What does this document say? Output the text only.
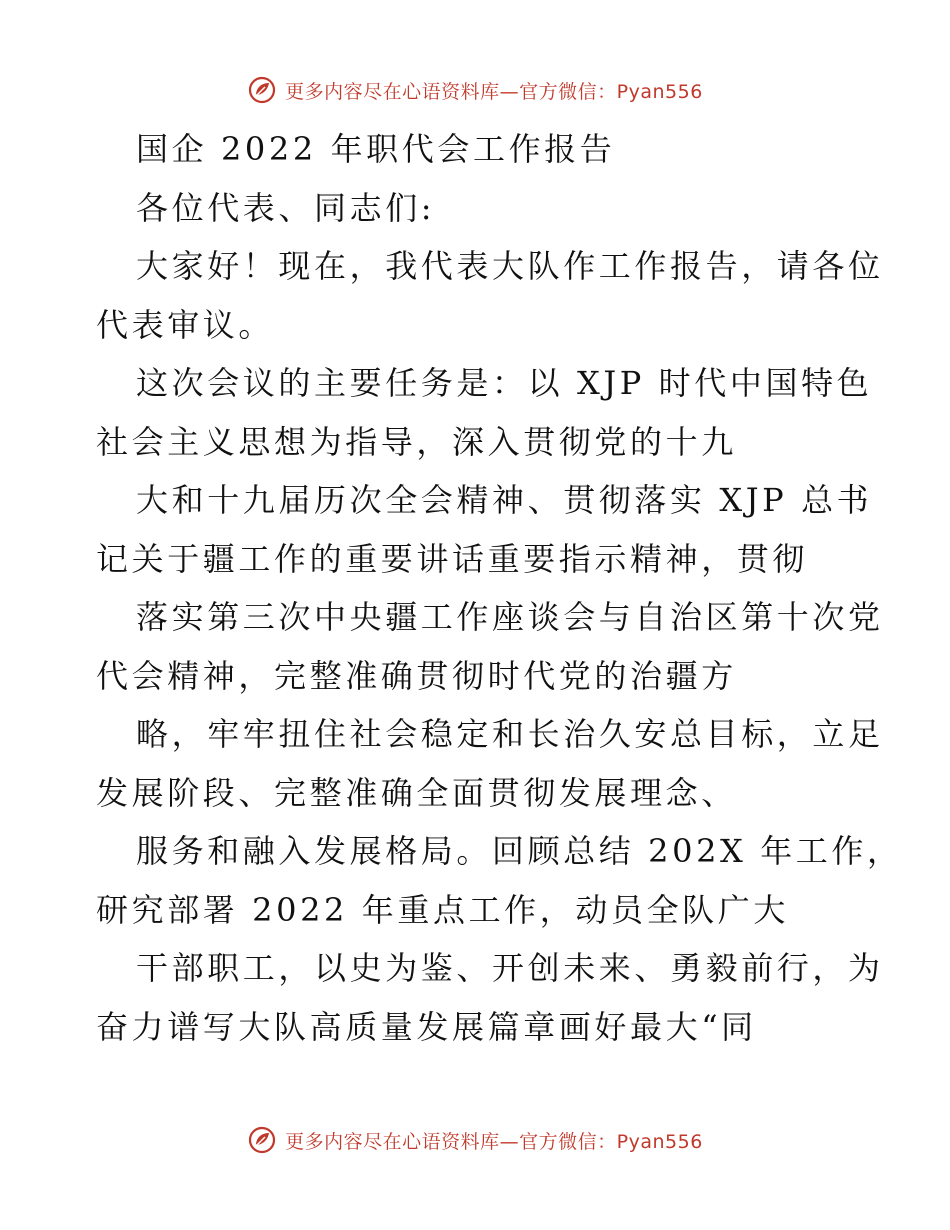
更多内容尽在心语资料库—官方微信：Pyan556
国企 2022 年职代会工作报告
各位代表、同志们:
大家好！现在，我代表大队作工作报告，请各位
代表审议。
这次会议的主要任务是：以 XJP 时代中国特色
社会主义思想为指导，深入贯彻党的十九
大和十九届历次全会精神、贯彻落实 XJP 总书
记关于疆工作的重要讲话重要指示精神，贯彻
落实第三次中央疆工作座谈会与自治区第十次党
代会精神，完整准确贯彻时代党的治疆方
略，牢牢扭住社会稳定和长治久安总目标，立足
发展阶段、完整准确全面贯彻发展理念、
服务和融入发展格局。回顾总结 202X 年工作，
研究部署 2022 年重点工作，动员全队广大
干部职工，以史为鉴、开创未来、勇毅前行，为
奋力谱写大队高质量发展篇章画好最大“同
更多内容尽在心语资料库—官方微信：Pyan556
